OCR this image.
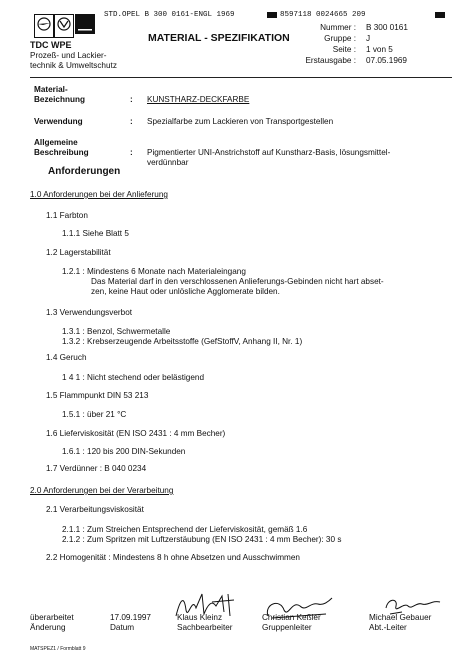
STD.OPEL B 300 0161-ENGL 1969	8597118 0024665 209
TDC WPE
Prozeß- und Lackier-
technik & Umweltschutz
MATERIAL - SPEZIFIKATION
Nummer : B 300 0161
Gruppe : J
Seite : 1 von 5
Erstausgabe : 07.05.1969
Material-
Bezeichnung	: KUNSTHARZ-DECKFARBE
Verwendung	: Spezialfarbe zum Lackieren von Transportgestellen
Allgemeine
Beschreibung	: Pigmentierter UNI-Anstrichstoff auf Kunstharz-Basis, lösungsmittel-
verdünnbar
Anforderungen
1.0 Anforderungen bei der Anlieferung
1.1 Farbton
1.1.1 Siehe Blatt 5
1.2 Lagerstabilität
1.2.1 : Mindestens 6 Monate nach Materialeingang
Das Material darf in den verschlossenen Anlieferungs-Gebinden nicht hart abset-
zen, keine Haut oder unlösliche Agglomerate bilden.
1.3 Verwendungsverbot
1.3.1 : Benzol, Schwermetalle
1.3.2 : Krebserzeugende Arbeitsstoffe (GefStoffV, Anhang II, Nr. 1)
1.4 Geruch
1 4 1 : Nicht stechend oder belästigend
1.5 Flammpunkt DIN 53 213
1.5.1 : über 21 °C
1.6 Lieferviskosität (EN ISO 2431 : 4 mm Becher)
1.6.1 : 120 bis 200 DIN-Sekunden
1.7 Verdünner : B 040 0234
2.0 Anforderungen bei der Verarbeitung
2.1 Verarbeitungsviskosität
2.1.1 : Zum Streichen Entsprechend der Lieferviskosität, gemäß 1.6
2.1.2 : Zum Spritzen mit Luftzerstäubung (EN ISO 2431 : 4 mm Becher): 30 s
2.2 Homogenität : Mindestens 8 h ohne Absetzen und Ausschwimmen
überarbeitet
Änderung
17.09.1997
Datum
Klaus Kleinz
Sachbearbeiter
Christian Keßler
Gruppenleiter
Michael Gebauer
Abt.-Leiter
MATSPEZ1 / Formblatt 9
